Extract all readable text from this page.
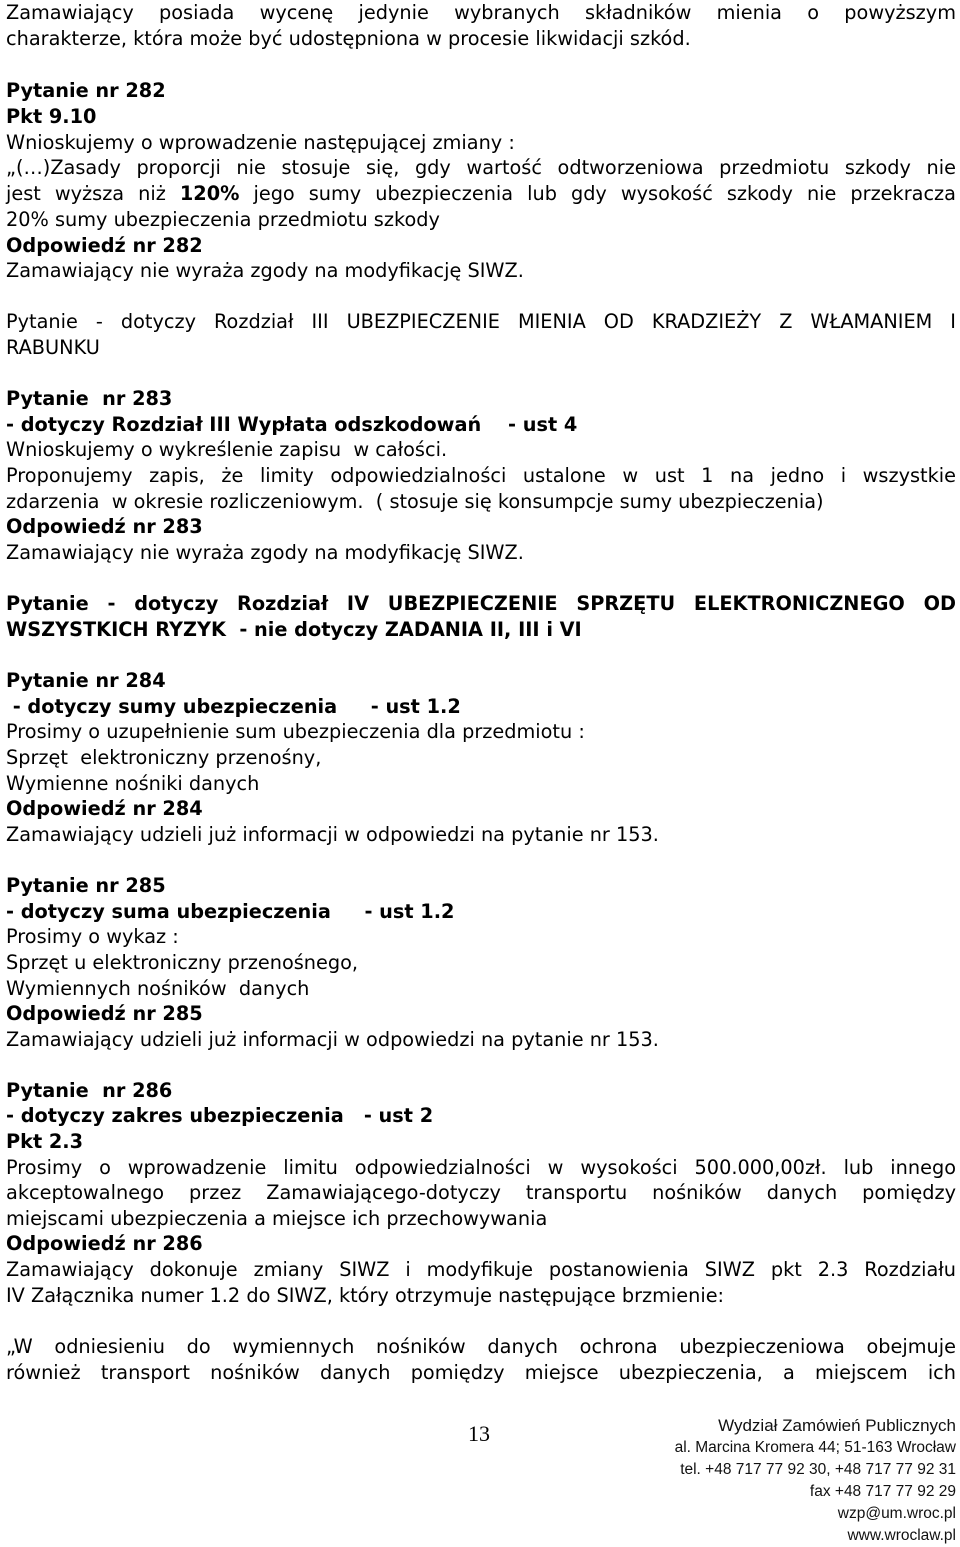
Zamawiający posiada wycenę jedynie wybranych składników mienia o powyższym
charakterze, która może być udostępniona w procesie likwidacji szkód.
Pytanie nr 282
Pkt 9.10
Wnioskujemy o wprowadzenie następującej zmiany :
„(…)Zasady proporcji nie stosuje się, gdy wartość odtworzeniowa przedmiotu szkody nie
jest wyższa niż 120% jego sumy ubezpieczenia lub gdy wysokość szkody nie przekracza
20% sumy ubezpieczenia przedmiotu szkody
Odpowiedź nr 282
Zamawiający nie wyraża zgody na modyfikację SIWZ.
Pytanie - dotyczy Rozdział III UBEZPIECZENIE MIENIA OD KRADZIEŻY Z WŁAMANIEM I
RABUNKU
Pytanie  nr 283
- dotyczy Rozdział III Wypłata odszkodowań    - ust 4
Wnioskujemy o wykreślenie zapisu  w całości.
Proponujemy zapis, że limity odpowiedzialności ustalone w ust 1 na jedno i wszystkie
zdarzenia  w okresie rozliczeniowym.  ( stosuje się konsumpcje sumy ubezpieczenia)
Odpowiedź nr 283
Zamawiający nie wyraża zgody na modyfikację SIWZ.
Pytanie - dotyczy Rozdział IV UBEZPIECZENIE SPRZĘTU ELEKTRONICZNEGO OD
WSZYSTKICH RYZYK  - nie dotyczy ZADANIA II, III i VI
Pytanie nr 284
- dotyczy sumy ubezpieczenia     - ust 1.2
Prosimy o uzupełnienie sum ubezpieczenia dla przedmiotu :
Sprzęt  elektroniczny przenośny,
Wymienne nośniki danych
Odpowiedź nr 284
Zamawiający udzieli już informacji w odpowiedzi na pytanie nr 153.
Pytanie nr 285
- dotyczy suma ubezpieczenia     - ust 1.2
Prosimy o wykaz :
Sprzęt u elektroniczny przenośnego,
Wymiennych nośników  danych
Odpowiedź nr 285
Zamawiający udzieli już informacji w odpowiedzi na pytanie nr 153.
Pytanie  nr 286
- dotyczy zakres ubezpieczenia   - ust 2
Pkt 2.3
Prosimy o wprowadzenie limitu odpowiedzialności w wysokości 500.000,00zł. lub innego
akceptowalnego przez Zamawiającego-dotyczy transportu nośników danych pomiędzy
miejscami ubezpieczenia a miejsce ich przechowywania
Odpowiedź nr 286
Zamawiający dokonuje zmiany SIWZ i modyfikuje postanowienia SIWZ pkt 2.3 Rozdziału
IV Załącznika numer 1.2 do SIWZ, który otrzymuje następujące brzmienie:
„W odniesieniu do wymiennych nośników danych ochrona ubezpieczeniowa obejmuje
również transport nośników danych pomiędzy miejsce ubezpieczenia, a miejscem ich
13	Wydział Zamówień Publicznych
al. Marcina Kromera 44; 51-163 Wrocław
tel. +48 717 77 92 30, +48 717 77 92 31
fax +48 717 77 92 29
wzp@um.wroc.pl
www.wroclaw.pl
